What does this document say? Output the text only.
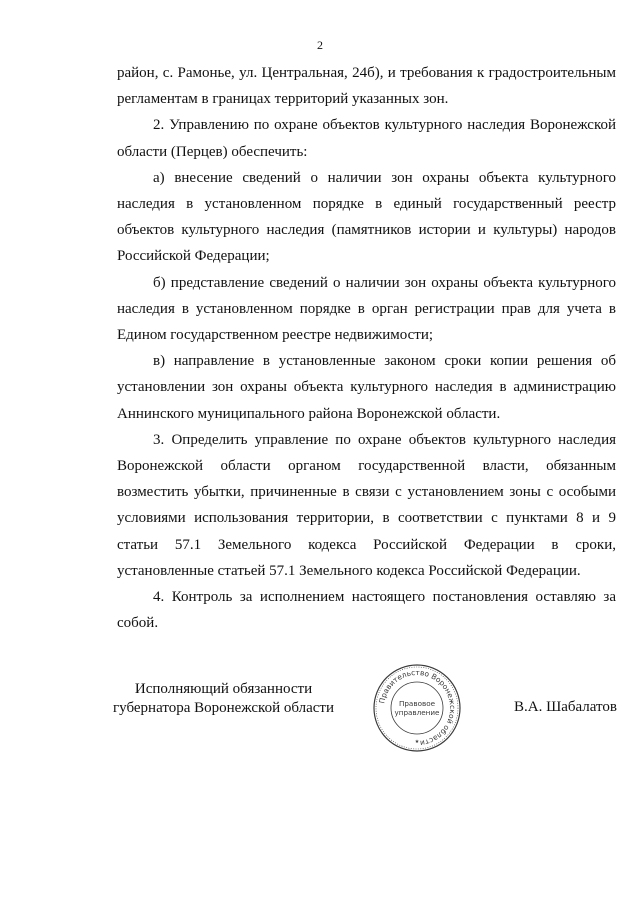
2

район, с. Рамонье, ул. Центральная, 24б), и требования к градостроительным регламентам в границах территорий указанных зон.

2. Управлению по охране объектов культурного наследия Воронежской области (Перцев) обеспечить:

а) внесение сведений о наличии зон охраны объекта культурного наследия в установленном порядке в единый государственный реестр объектов культурного наследия (памятников истории и культуры) народов Российской Федерации;

б) представление сведений о наличии зон охраны объекта культурного наследия в установленном порядке в орган регистрации прав для учета в Едином государственном реестре недвижимости;

в) направление в установленные законом сроки копии решения об установлении зон охраны объекта культурного наследия в администрацию Аннинского муниципального района Воронежской области.

3. Определить управление по охране объектов культурного наследия Воронежской области органом государственной власти, обязанным возместить убытки, причиненные в связи с установлением зоны с особыми условиями использования территории, в соответствии с пунктами 8 и 9 статьи 57.1 Земельного кодекса Российской Федерации в сроки, установленные статьей 57.1 Земельного кодекса Российской Федерации.

4. Контроль за исполнением настоящего постановления оставляю за собой.

Исполняющий обязанности
губернатора Воронежской области	Правительство Воронежской области
Правовое
управление
★
В.А. Шабалатов
